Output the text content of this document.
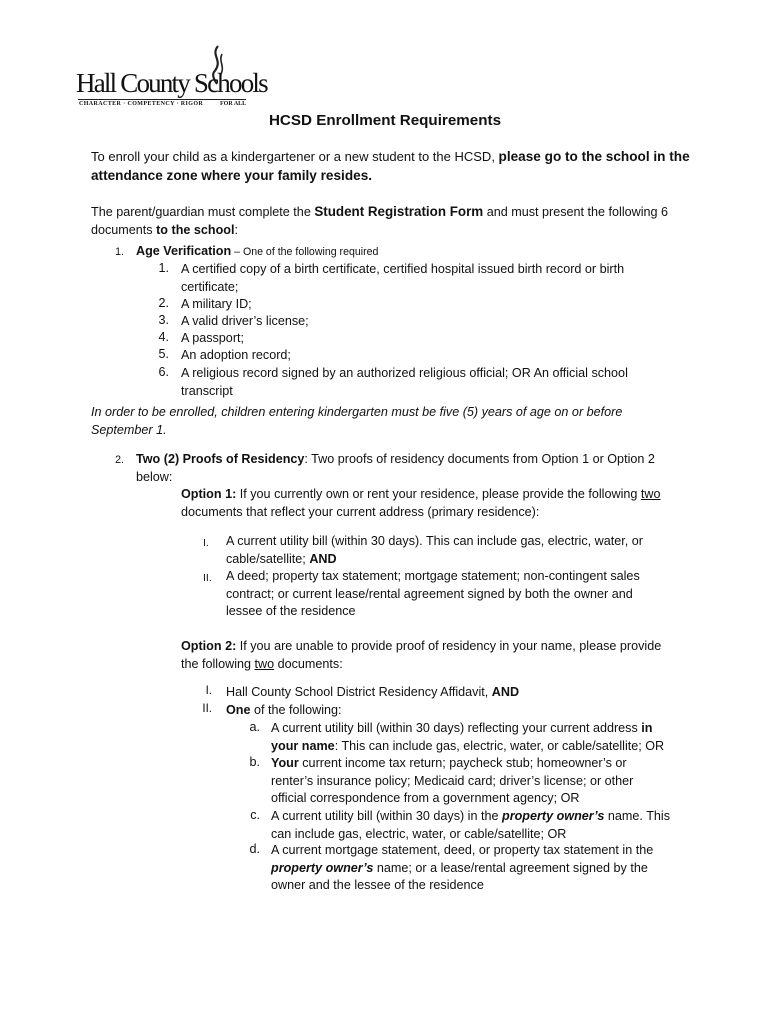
Hall County Schools
CHARACTER · COMPETENCY · RIGOR	FOR ALL
HCSD Enrollment Requirements
To enroll your child as a kindergartener or a new student to the HCSD, please go to the school in the attendance zone where your family resides.
The parent/guardian must complete the Student Registration Form and must present the following 6 documents to the school:
1. Age Verification – One of the following required
1. A certified copy of a birth certificate, certified hospital issued birth record or birth certificate;
2. A military ID;
3. A valid driver’s license;
4. A passport;
5. An adoption record;
6. A religious record signed by an authorized religious official; OR An official school transcript
In order to be enrolled, children entering kindergarten must be five (5) years of age on or before September 1.
2. Two (2) Proofs of Residency: Two proofs of residency documents from Option 1 or Option 2 below:
Option 1: If you currently own or rent your residence, please provide the following two documents that reflect your current address (primary residence):
I. A current utility bill (within 30 days). This can include gas, electric, water, or cable/satellite; AND
II. A deed; property tax statement; mortgage statement; non-contingent sales contract; or current lease/rental agreement signed by both the owner and lessee of the residence
Option 2: If you are unable to provide proof of residency in your name, please provide the following two documents:
I. Hall County School District Residency Affidavit, AND
II. One of the following:
a. A current utility bill (within 30 days) reflecting your current address in your name: This can include gas, electric, water, or cable/satellite; OR
b. Your current income tax return; paycheck stub; homeowner’s or renter’s insurance policy; Medicaid card; driver’s license; or other official correspondence from a government agency; OR
c. A current utility bill (within 30 days) in the property owner’s name. This can include gas, electric, water, or cable/satellite; OR
d. A current mortgage statement, deed, or property tax statement in the property owner’s name; or a lease/rental agreement signed by the owner and the lessee of the residence
